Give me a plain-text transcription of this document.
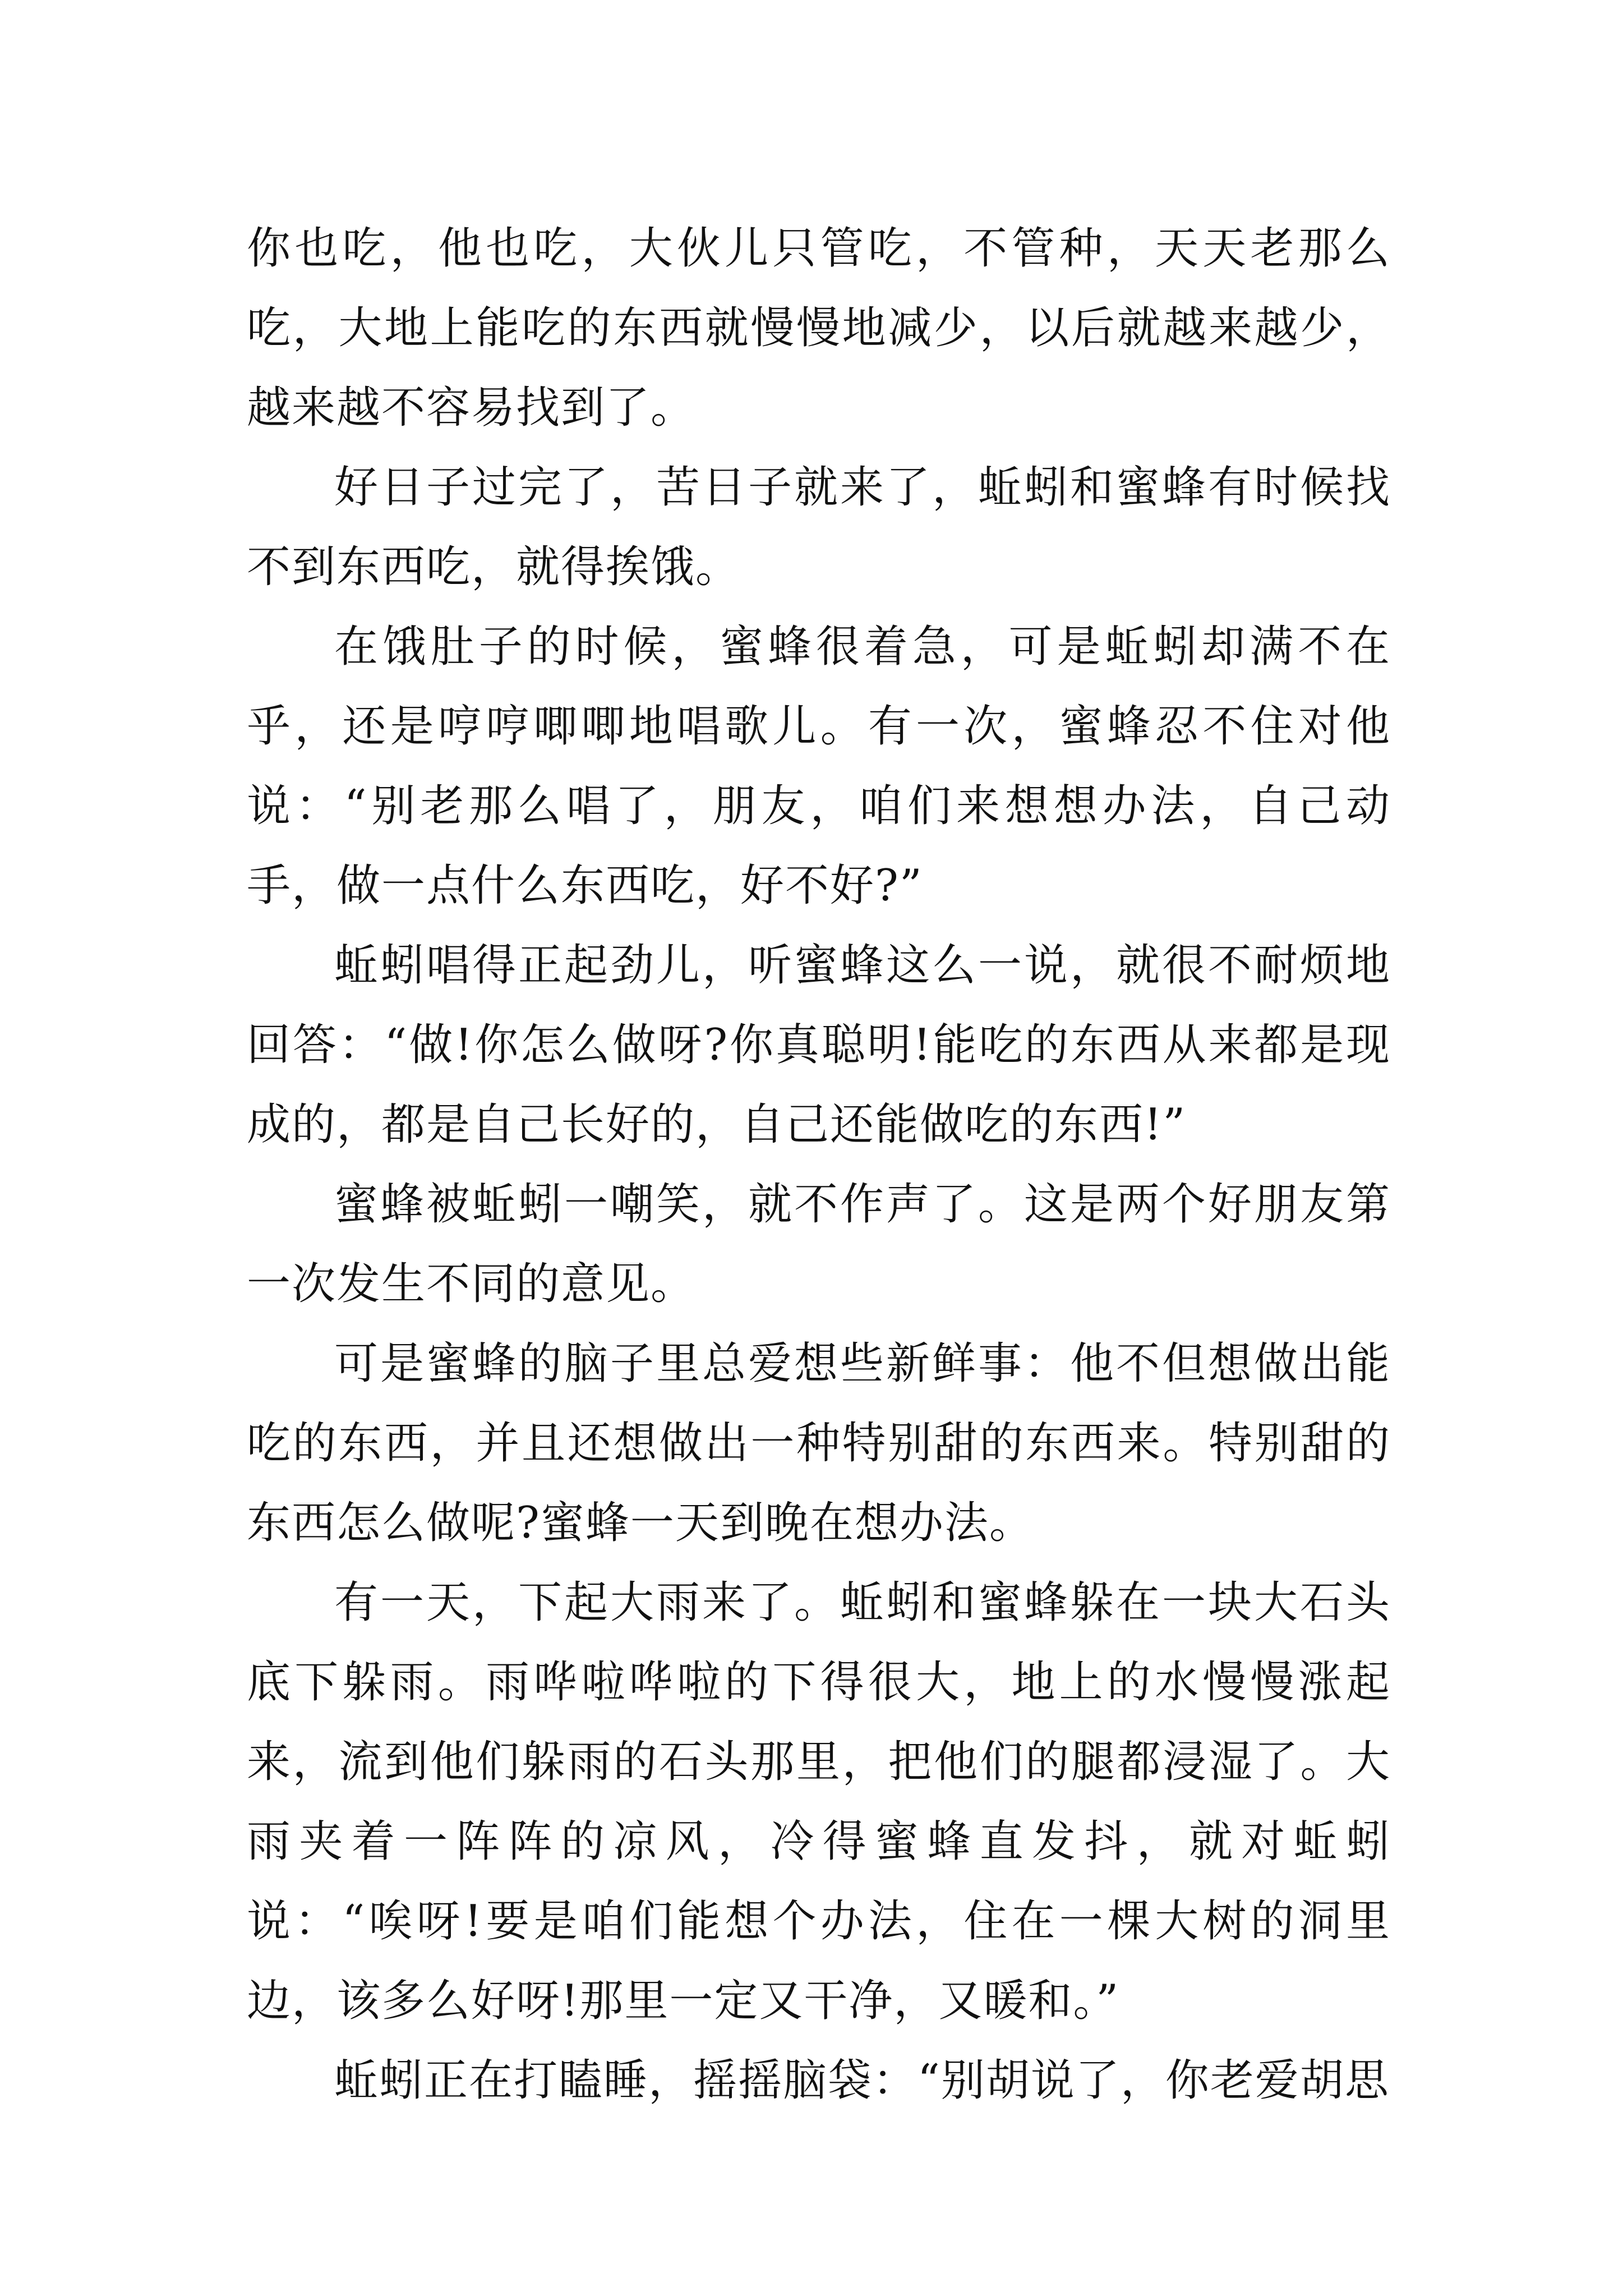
你也吃，他也吃，大伙儿只管吃，不管种，天天老那么吃，大地上能吃的东西就慢慢地减少，以后就越来越少，越来越不容易找到了。

好日子过完了，苦日子就来了，蚯蚓和蜜蜂有时候找不到东西吃，就得挨饿。

在饿肚子的时候，蜜蜂很着急，可是蚯蚓却满不在乎，还是哼哼唧唧地唱歌儿。有一次，蜜蜂忍不住对他说：“别老那么唱了，朋友，咱们来想想办法，自己动手，做一点什么东西吃，好不好?”

蚯蚓唱得正起劲儿，听蜜蜂这么一说，就很不耐烦地回答：“做!你怎么做呀?你真聪明!能吃的东西从来都是现成的，都是自己长好的，自己还能做吃的东西!”

蜜蜂被蚯蚓一嘲笑，就不作声了。这是两个好朋友第一次发生不同的意见。

可是蜜蜂的脑子里总爱想些新鲜事：他不但想做出能吃的东西，并且还想做出一种特别甜的东西来。特别甜的东西怎么做呢?蜜蜂一天到晚在想办法。

有一天，下起大雨来了。蚯蚓和蜜蜂躲在一块大石头底下躲雨。雨哗啦哗啦的下得很大，地上的水慢慢涨起来，流到他们躲雨的石头那里，把他们的腿都浸湿了。大雨夹着一阵阵的凉风，冷得蜜蜂直发抖，就对蚯蚓说：“唉呀!要是咱们能想个办法，住在一棵大树的洞里边，该多么好呀!那里一定又干净，又暖和。”

蚯蚓正在打瞌睡，摇摇脑袋：“别胡说了，你老爱胡思
